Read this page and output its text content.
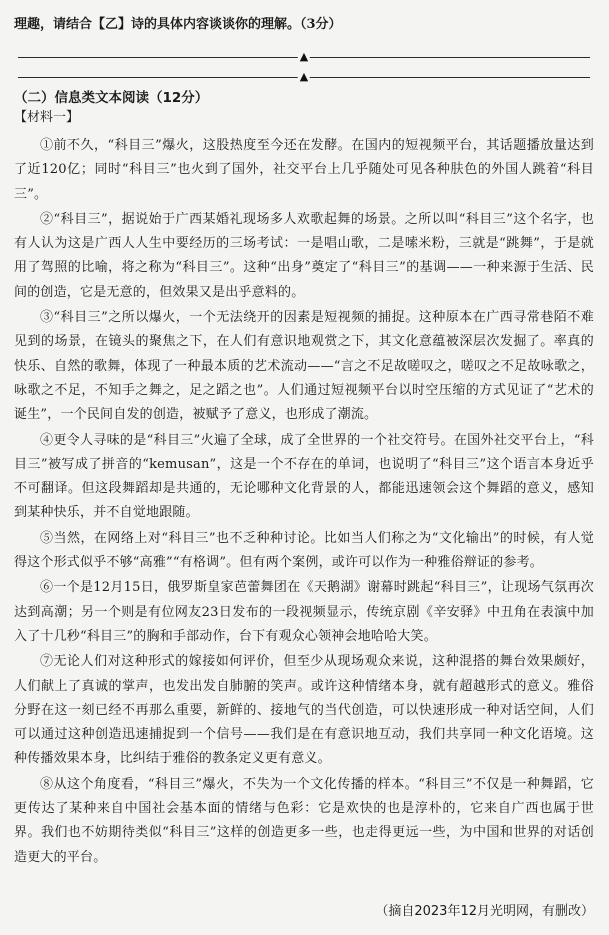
理趣，请结合【乙】诗的具体内容谈谈你的理解。（3分）
▲
▲
（二）信息类文本阅读（12分）
【材料一】

①前不久，“科目三”爆火，这股热度至今还在发酵。在国内的短视频平台，其话题播放量达到了近120亿；同时“科目三”也火到了国外，社交平台上几乎随处可见各种肤色的外国人跳着“科目三”。

②“科目三”，据说始于广西某婚礼现场多人欢歌起舞的场景。之所以叫“科目三”这个名字，也有人认为这是广西人人生中要经历的三场考试：一是唱山歌，二是嗦米粉，三就是“跳舞”，于是就用了驾照的比喻，将之称为“科目三”。这种“出身”奠定了“科目三”的基调——一种来源于生活、民间的创造，它是无意的，但效果又是出乎意料的。

③“科目三”之所以爆火，一个无法绕开的因素是短视频的捕捉。这种原本在广西寻常巷陌不难见到的场景，在镜头的聚焦之下，在人们有意识地观赏之下，其文化意蕴被深层次发掘了。率真的快乐、自然的歌舞，体现了一种最本质的艺术流动——“言之不足故嗟叹之，嗟叹之不足故咏歌之，咏歌之不足，不知手之舞之，足之蹈之也”。人们通过短视频平台以时空压缩的方式见证了“艺术的诞生”，一个民间自发的创造，被赋予了意义，也形成了潮流。

④更令人寻味的是“科目三”火遍了全球，成了全世界的一个社交符号。在国外社交平台上，“科目三”被写成了拼音的“kemusan”，这是一个不存在的单词，也说明了“科目三”这个语言本身近乎不可翻译。但这段舞蹈却是共通的，无论哪种文化背景的人，都能迅速领会这个舞蹈的意义，感知到某种快乐，并不自觉地跟随。

⑤当然，在网络上对“科目三”也不乏种种讨论。比如当人们称之为“文化输出”的时候，有人觉得这个形式似乎不够“高雅”“有格调”。但有两个案例，或许可以作为一种雅俗辩证的参考。

⑥一个是12月15日，俄罗斯皇家芭蕾舞团在《天鹅湖》谢幕时跳起“科目三”，让现场气氛再次达到高潮；另一个则是有位网友23日发布的一段视频显示，传统京剧《辛安驿》中丑角在表演中加入了十几秒“科目三”的胸和手部动作，台下有观众心领神会地哈哈大笑。

⑦无论人们对这种形式的嫁接如何评价，但至少从现场观众来说，这种混搭的舞台效果颇好，人们献上了真诚的掌声，也发出发自肺腑的笑声。或许这种情绪本身，就有超越形式的意义。雅俗分野在这一刻已经不再那么重要，新鲜的、接地气的当代创造，可以快速形成一种对话空间，人们可以通过这种创造迅速捕捉到一个信号——我们是在有意识地互动，我们共享同一种文化语境。这种传播效果本身，比纠结于雅俗的教条定义更有意义。

⑧从这个角度看，“科目三”爆火，不失为一个文化传播的样本。“科目三”不仅是一种舞蹈，它更传达了某种来自中国社会基本面的情绪与色彩：它是欢快的也是淳朴的，它来自广西也属于世界。我们也不妨期待类似“科目三”这样的创造更多一些，也走得更远一些，为中国和世界的对话创造更大的平台。

（摘自2023年12月光明网，有删改）
